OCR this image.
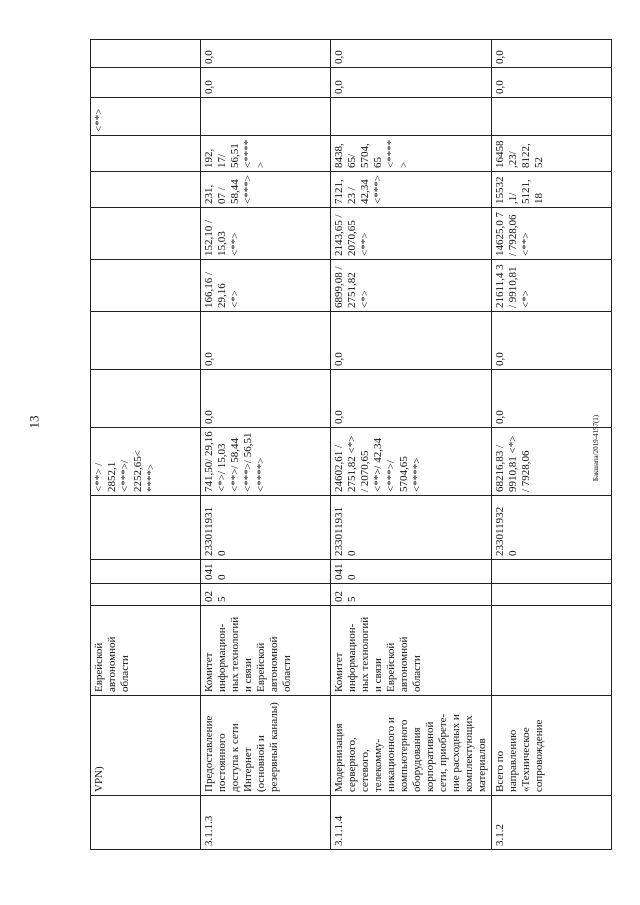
13	Бакшапа/2019-4157(1)
	VPN)	Еврейской автономной области				<**> / 2852,1 <***>/ 2252,65< ****>							<**>		
3.1.1.3	Предоставление постоянного доступа к сети Интернет (основной и резервный каналы)	Комитет информацион-ных технологий и связи Еврейской автономной области	025	041 0	233011931 0	741,50/ 29,16 <*>/ 15,03 <**>/ 58,44 <***>/ 56,51 <****>	0,0	0,0	166,16 / 29,16 <*>	152,10 / 15,03 <**>	231, 07 / 58,44 <***>	192, 17/ 56,51 <****>		0,0	0,0
3.1.1.4	Модернизация серверного, сетевого, телекомму-никационного и компьютерного оборудования корпоративной сети, приобрете-ние расходных и комплектующих материалов	Комитет информацион-ных технологий и связи Еврейской автономной области	025	041 0	233011931 0	24602,61 / 2751,82 <*> / 2070,65 <**>/ 42,34 <***>/ 5704,65 <****>	0,0	0,0	6899,08 / 2751,82 <*>	2143,65 / 2070,65 <**>	7121, 23 / 42,34 <***>	8438, 65/ 5704, 65 <****>		0,0	0,0
3.1.2	Всего по направлению «Техническое сопровождение				233011932 0	68216,83 / 9910,81 <*> / 7928,06	0,0	0,0	21611,4 3 / 9910,81 <*>	14625,0 7 / 7928,06 <**>	15532 ,1/ 5121, 18	16458 ,23/ 8122, 52		0,0	0,0
